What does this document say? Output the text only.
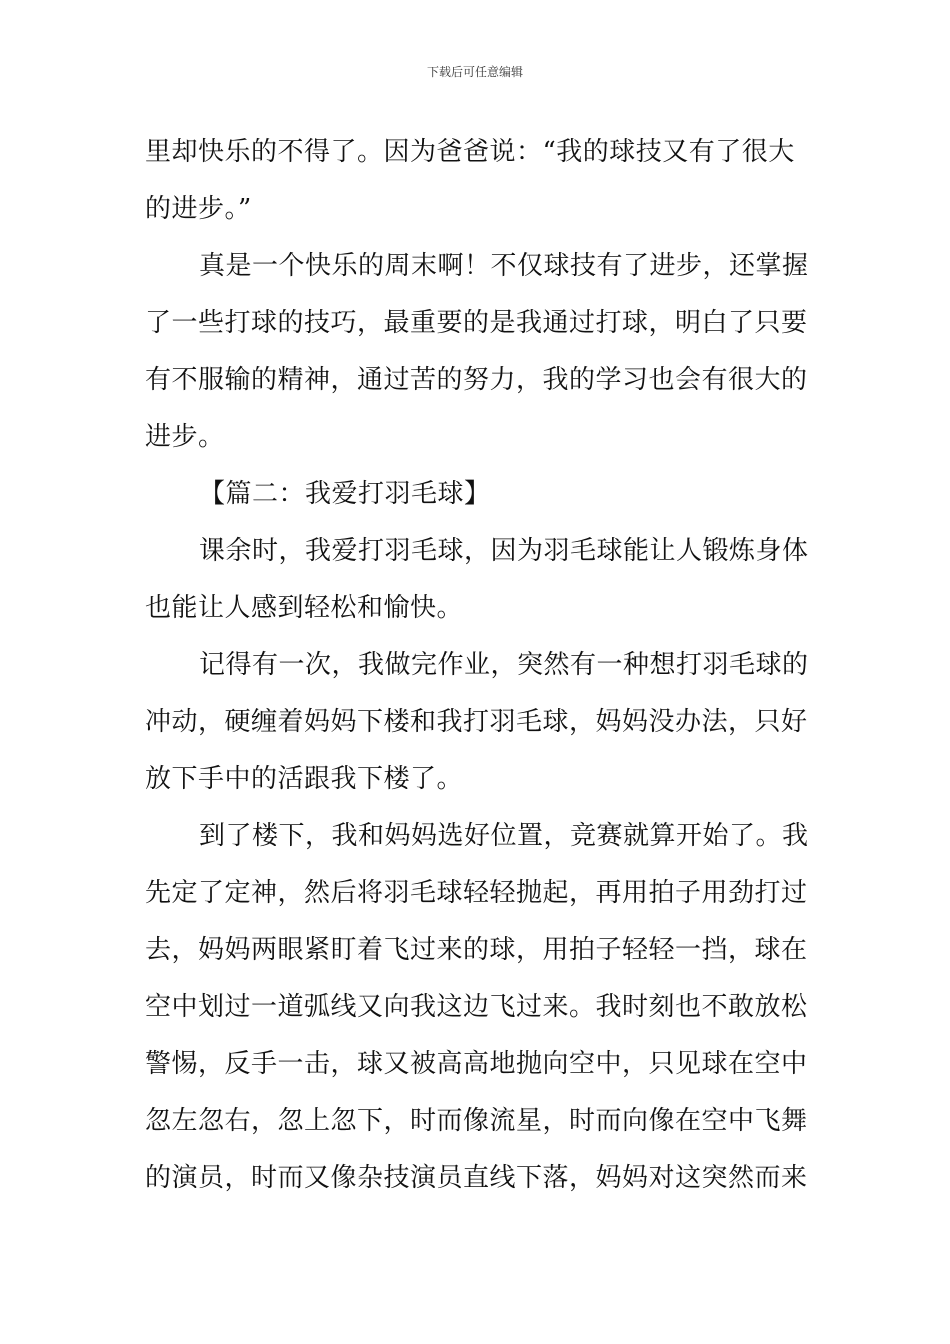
下载后可任意编辑
里却快乐的不得了。因为爸爸说：“我的球技又有了很大
的进步。”
真是一个快乐的周末啊！不仅球技有了进步，还掌握
了一些打球的技巧，最重要的是我通过打球，明白了只要
有不服输的精神，通过苦的努力，我的学习也会有很大的
进步。
【篇二：我爱打羽毛球】
课余时，我爱打羽毛球，因为羽毛球能让人锻炼身体
也能让人感到轻松和愉快。
记得有一次，我做完作业，突然有一种想打羽毛球的
冲动，硬缠着妈妈下楼和我打羽毛球，妈妈没办法，只好
放下手中的活跟我下楼了。
到了楼下，我和妈妈选好位置，竞赛就算开始了。我
先定了定神，然后将羽毛球轻轻抛起，再用拍子用劲打过
去，妈妈两眼紧盯着飞过来的球，用拍子轻轻一挡，球在
空中划过一道弧线又向我这边飞过来。我时刻也不敢放松
警惕，反手一击，球又被高高地抛向空中，只见球在空中
忽左忽右，忽上忽下，时而像流星，时而向像在空中飞舞
的演员，时而又像杂技演员直线下落，妈妈对这突然而来
